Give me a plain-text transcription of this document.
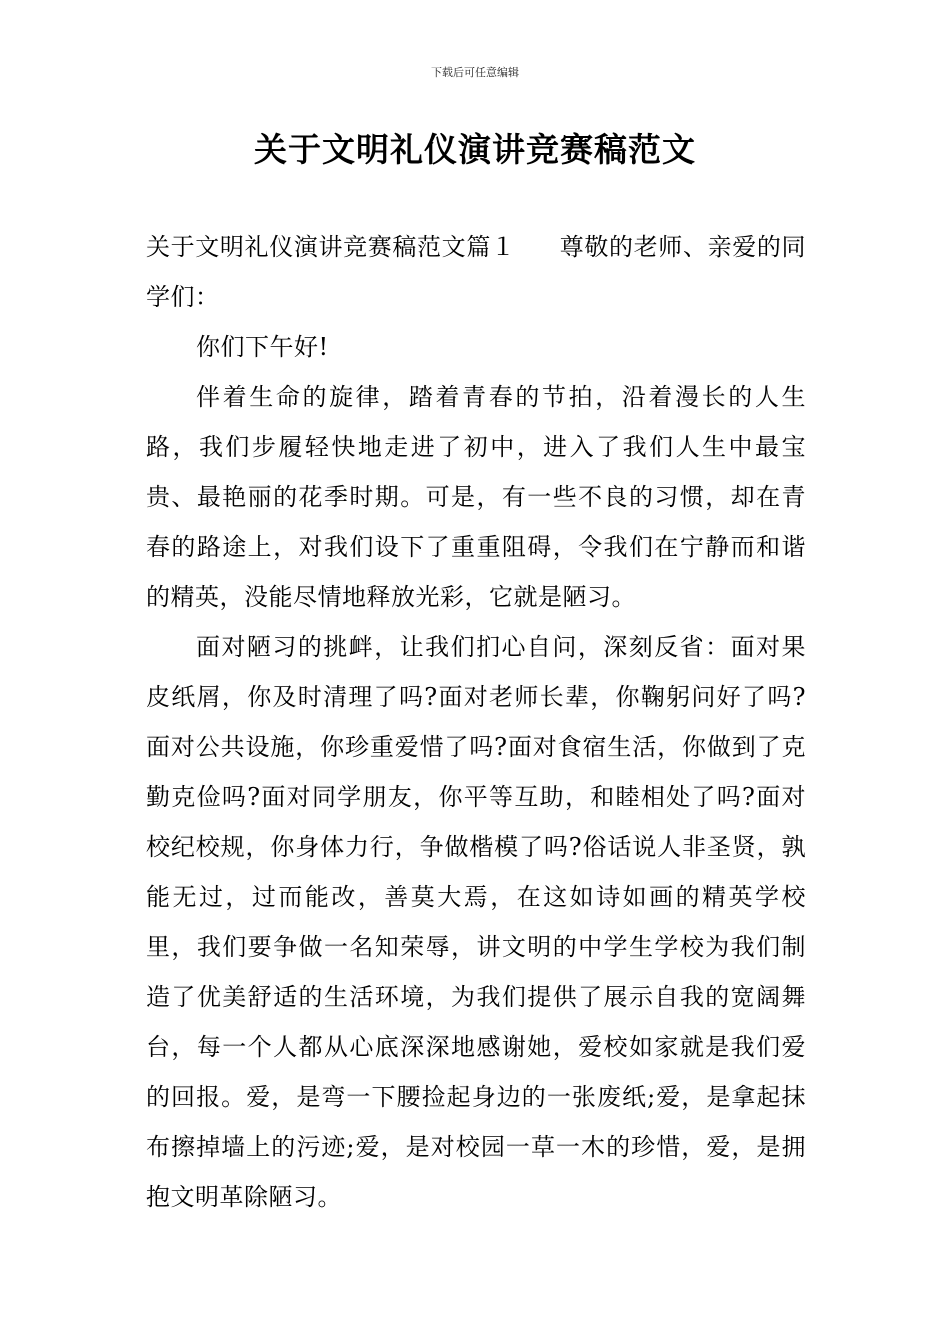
下载后可任意编辑
关于文明礼仪演讲竞赛稿范文

关于文明礼仪演讲竞赛稿范文篇１ 尊敬的老师、亲爱的同学们：

你们下午好!

伴着生命的旋律，踏着青春的节拍，沿着漫长的人生路，我们步履轻快地走进了初中，进入了我们人生中最宝贵、最艳丽的花季时期。可是，有一些不良的习惯，却在青春的路途上，对我们设下了重重阻碍，令我们在宁静而和谐的精英，没能尽情地释放光彩，它就是陋习。

面对陋习的挑衅，让我们扪心自问，深刻反省：面对果皮纸屑，你及时清理了吗?面对老师长辈，你鞠躬问好了吗?面对公共设施，你珍重爱惜了吗?面对食宿生活，你做到了克勤克俭吗?面对同学朋友，你平等互助，和睦相处了吗?面对校纪校规，你身体力行，争做楷模了吗?俗话说人非圣贤，孰能无过，过而能改，善莫大焉，在这如诗如画的精英学校里，我们要争做一名知荣辱，讲文明的中学生学校为我们制造了优美舒适的生活环境，为我们提供了展示自我的宽阔舞台，每一个人都从心底深深地感谢她，爱校如家就是我们爱的回报。爱，是弯一下腰捡起身边的一张废纸;爱，是拿起抹布擦掉墙上的污迹;爱，是对校园一草一木的珍惜，爱，是拥抱文明革除陋习。
